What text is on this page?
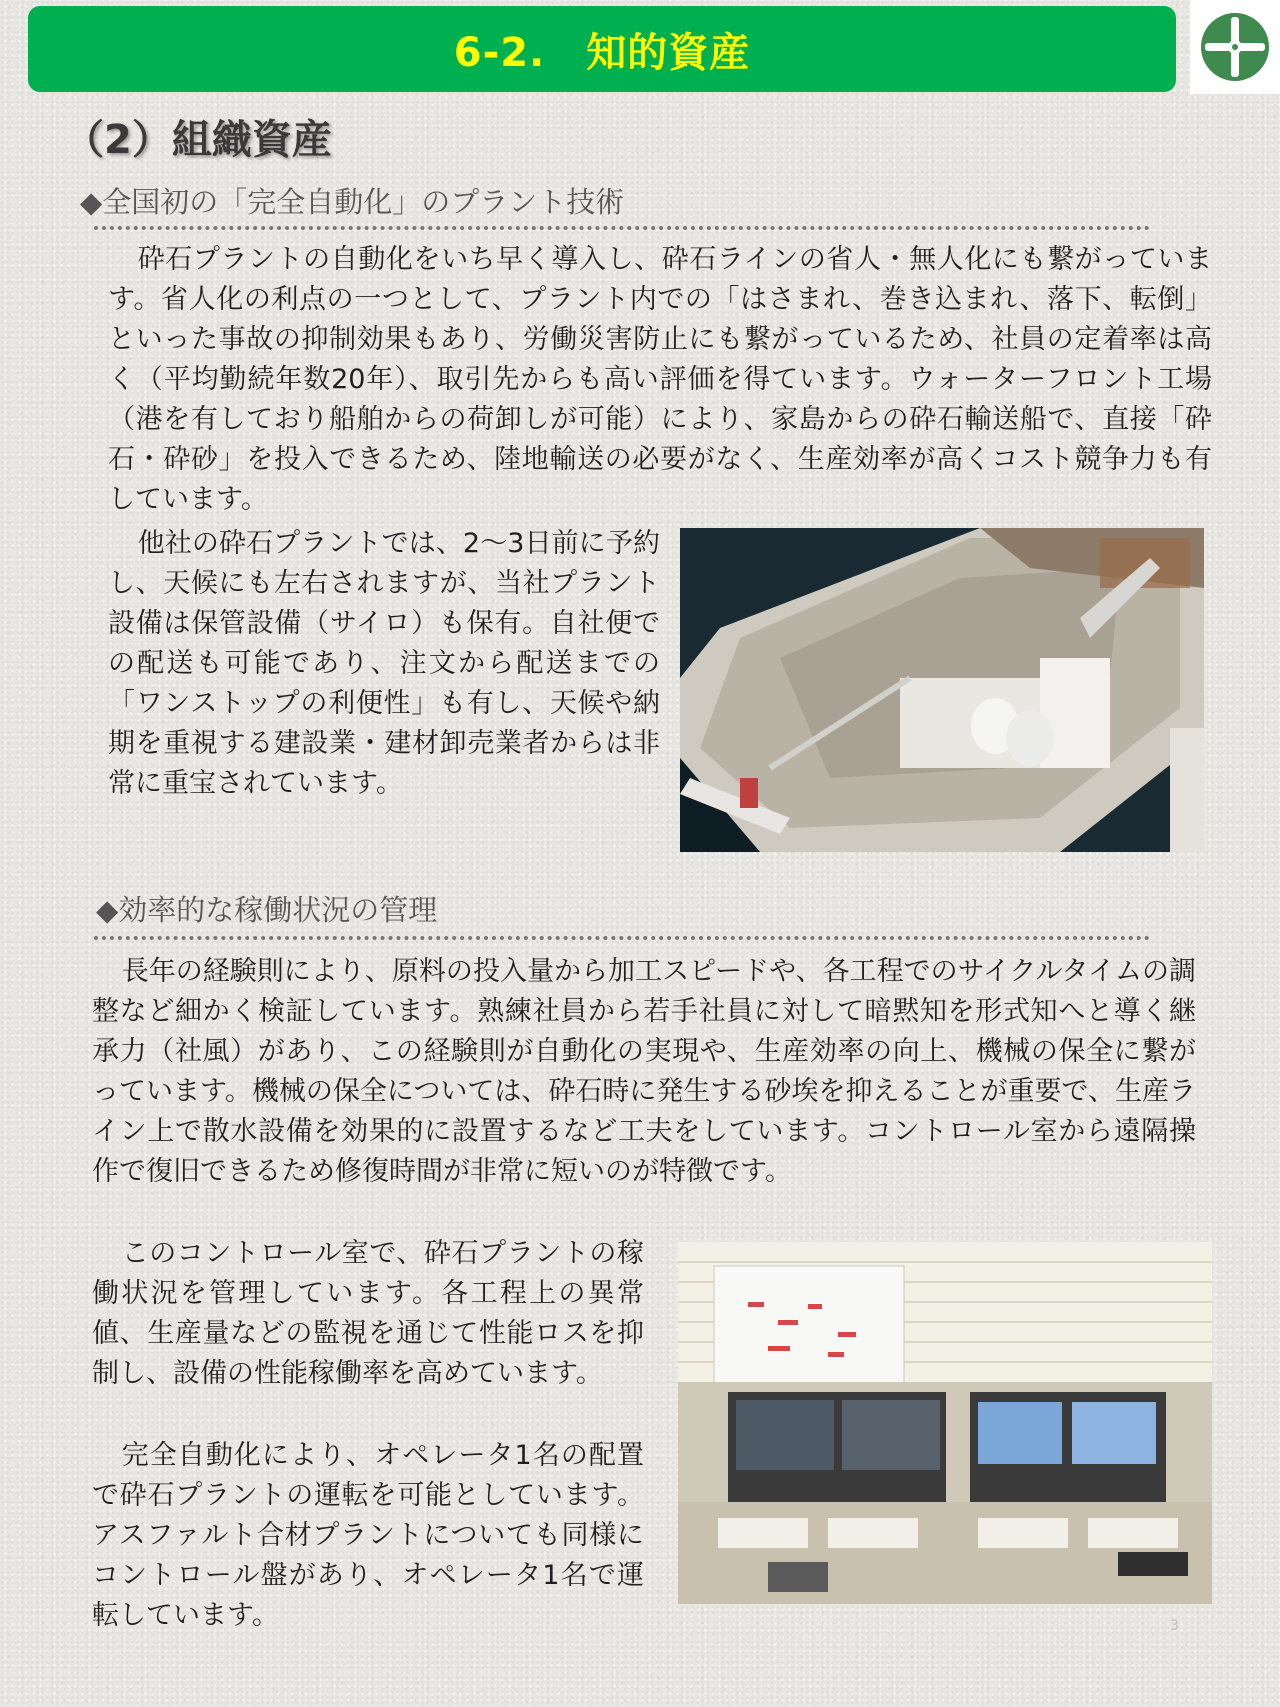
6-2.　知的資産
（2）組織資産
◆全国初の「完全自動化」のプラント技術

砕石プラントの自動化をいち早く導入し、砕石ラインの省人・無人化にも繋がっています。省人化の利点の一つとして、プラント内での「はさまれ、巻き込まれ、落下、転倒」といった事故の抑制効果もあり、労働災害防止にも繋がっているため、社員の定着率は高く（平均勤続年数20年）、取引先からも高い評価を得ています。ウォーターフロント工場（港を有しており船舶からの荷卸しが可能）により、家島からの砕石輸送船で、直接「砕石・砕砂」を投入できるため、陸地輸送の必要がなく、生産効率が高くコスト競争力も有しています。

他社の砕石プラントでは、2〜3日前に予約し、天候にも左右されますが、当社プラント設備は保管設備（サイロ）も保有。自社便での配送も可能であり、注文から配送までの「ワンストップの利便性」も有し、天候や納期を重視する建設業・建材卸売業者からは非常に重宝されています。

◆効率的な稼働状況の管理

長年の経験則により、原料の投入量から加工スピードや、各工程でのサイクルタイムの調整など細かく検証しています。熟練社員から若手社員に対して暗黙知を形式知へと導く継承力（社風）があり、この経験則が自動化の実現や、生産効率の向上、機械の保全に繋がっています。機械の保全については、砕石時に発生する砂埃を抑えることが重要で、生産ライン上で散水設備を効果的に設置するなど工夫をしています。コントロール室から遠隔操作で復旧できるため修復時間が非常に短いのが特徴です。

このコントロール室で、砕石プラントの稼働状況を管理しています。各工程上の異常値、生産量などの監視を通じて性能ロスを抑制し、設備の性能稼働率を高めています。

完全自動化により、オペレータ1名の配置で砕石プラントの運転を可能としています。アスファルト合材プラントについても同様にコントロール盤があり、オペレータ1名で運転しています。	3
